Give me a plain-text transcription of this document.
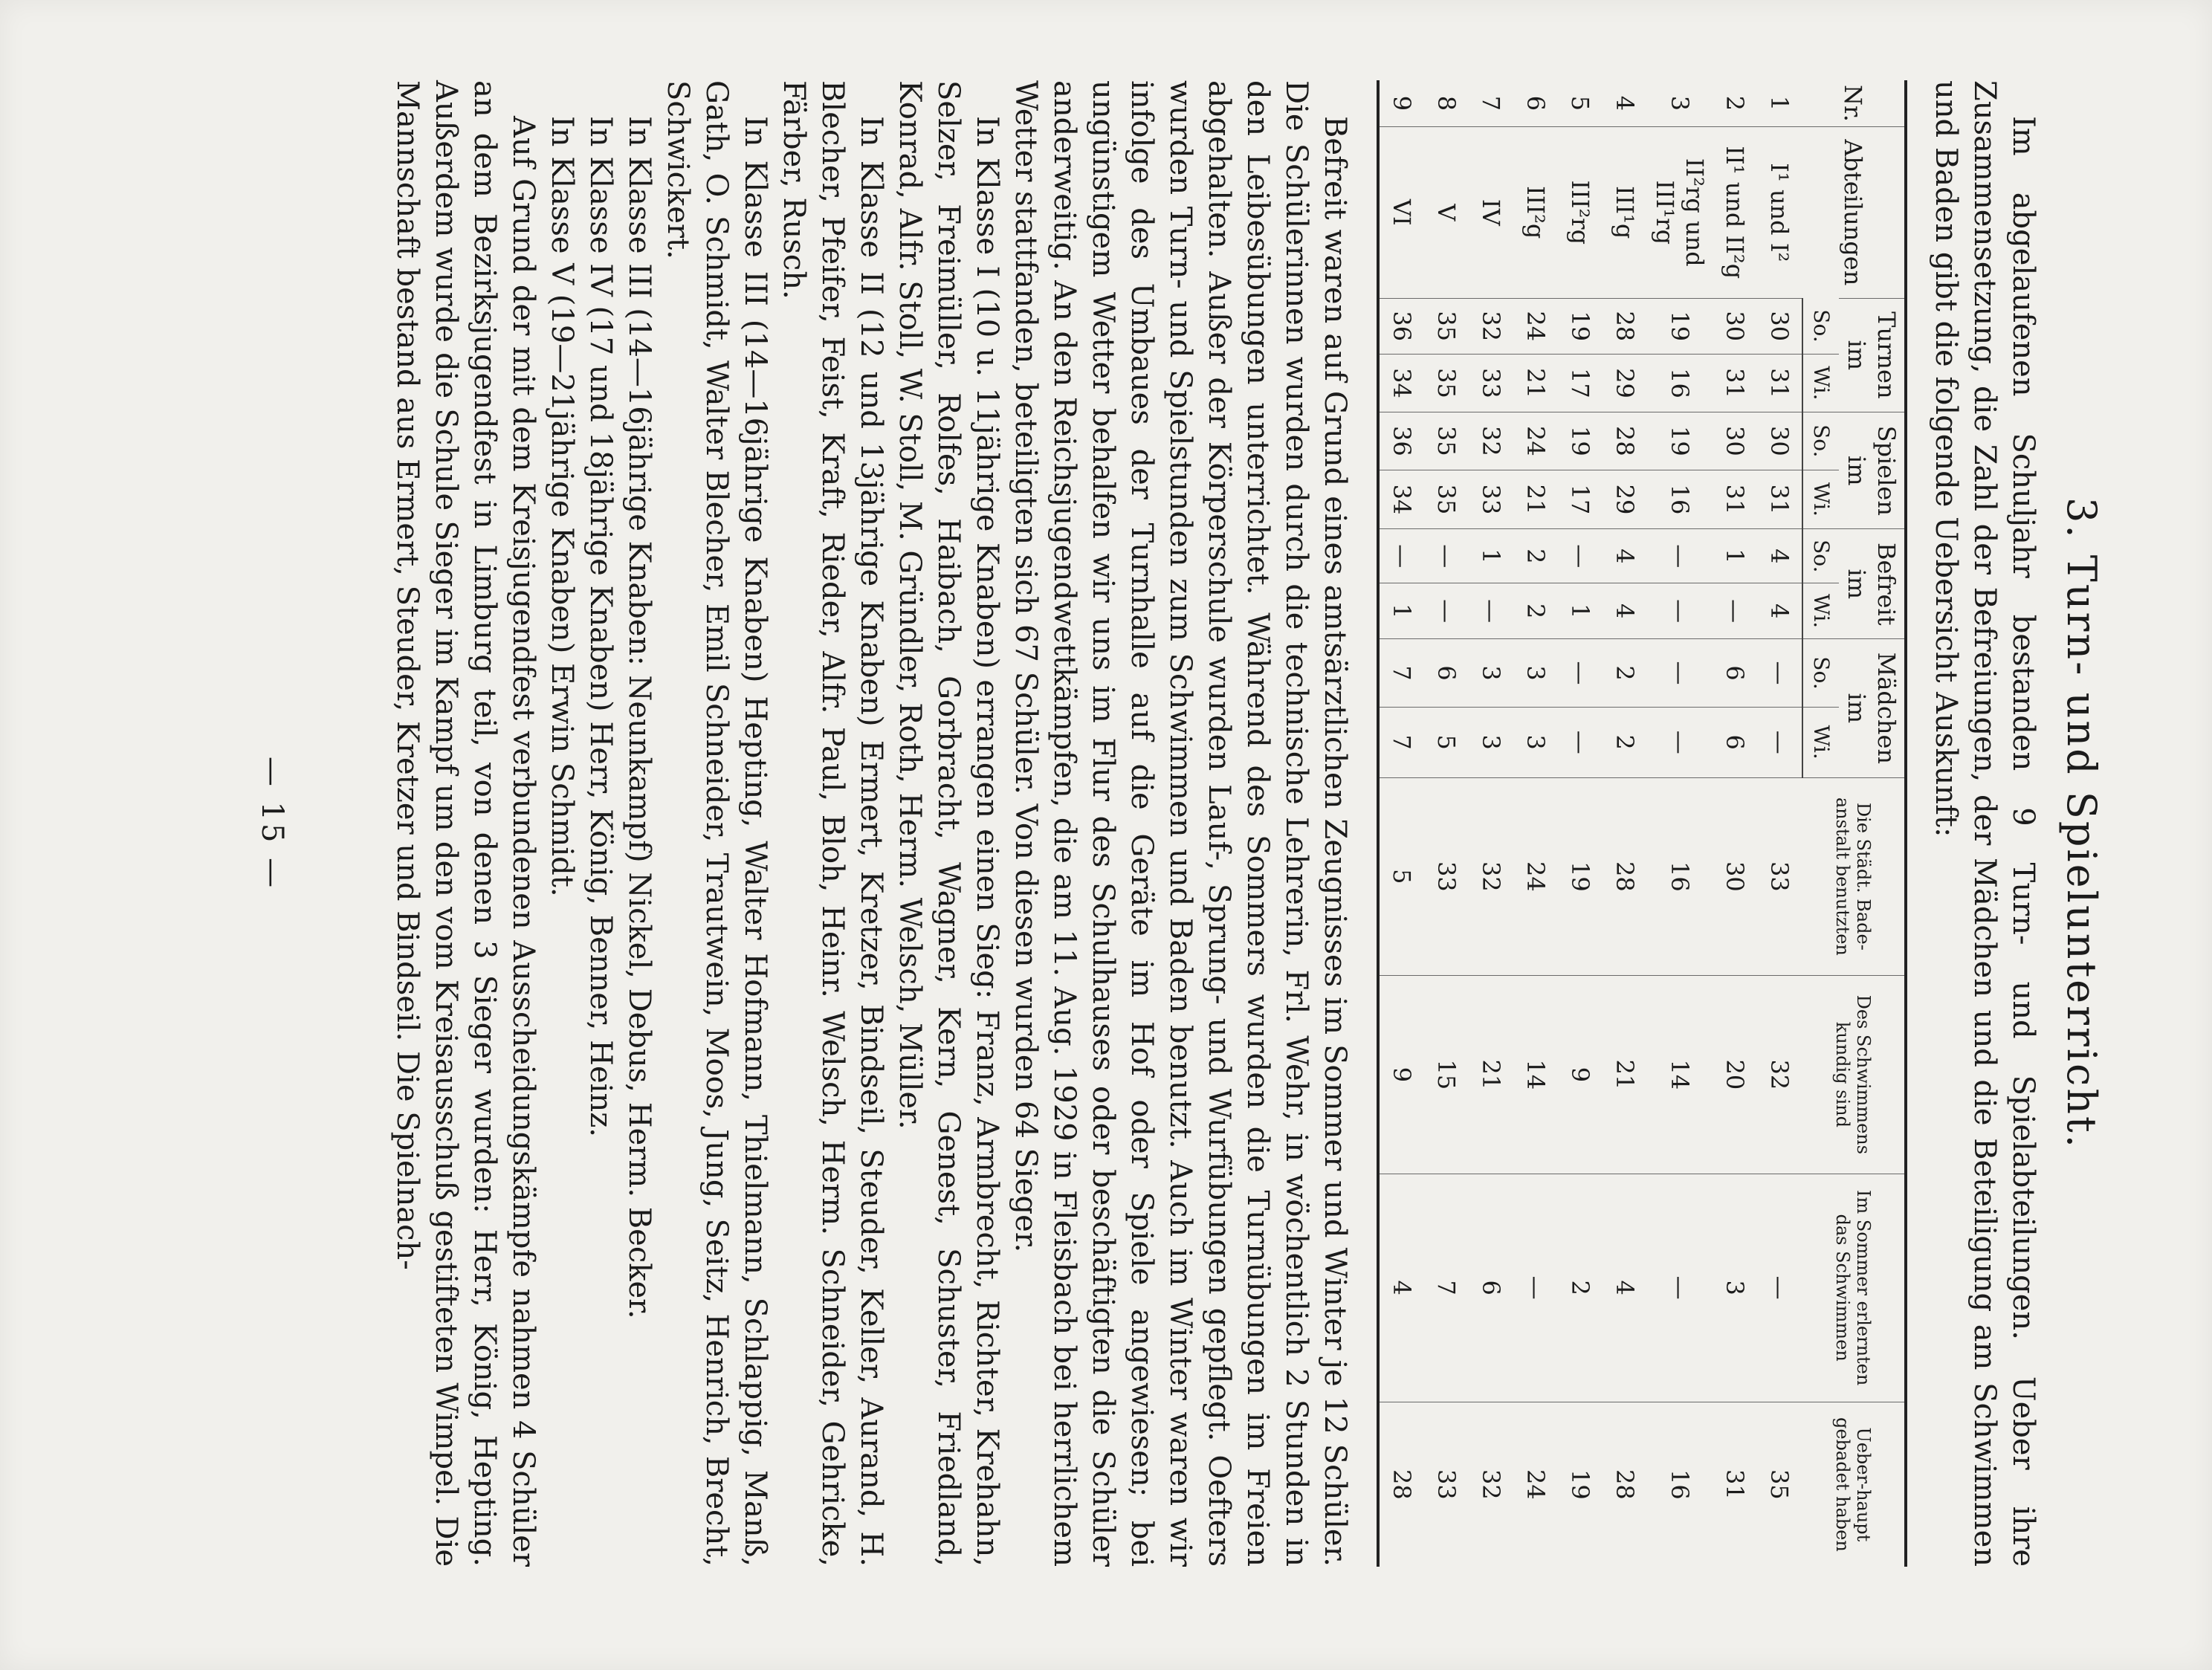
3. Turn- und Spielunterricht.

Im abgelaufenen Schuljahr bestanden 9 Turn- und Spielabteilungen. Ueber ihre Zusammensetzung, die Zahl der Befreiungen, der Mädchen und die Beteiligung am Schwimmen und Baden gibt die folgende Uebersicht Auskunft:

Nr.	Abteilungen	Turnen im		Spielen im		Befreit im		Mädchen im		Die Städt. Bade-anstalt benutzten	Des Schwimmens kundig sind	Im Sommer erlernten das Schwimmen	Ueber-haupt gebadet haben
		So.	Wi.	So.	Wi.	So.	Wi.	So.	Wi.				
1	I¹ und I²	30	31	30	31	4	4	—	—	33	32	—	35
2	II¹ und II²g	30	31	30	31	1	—	6	6	30	20	3	31
3	II²rg und III¹rg	19	16	19	16	—	—	—	—	16	14	—	16
4	III¹g	28	29	28	29	4	4	2	2	28	21	4	28
5	III²rg	19	17	19	17	—	1	—	—	19	9	2	19
6	III²g	24	21	24	21	2	2	3	3	24	14	—	24
7	IV	32	33	32	33	1	—	3	3	32	21	6	32
8	V	35	35	35	35	—	—	6	5	33	15	7	33
9	VI	36	34	36	34	—	1	7	7	5	9	4	28

Befreit waren auf Grund eines amtsärztlichen Zeugnisses im Sommer und Winter je 12 Schüler. Die Schülerinnen wurden durch die technische Lehrerin, Frl. Wehr, in wöchentlich 2 Stunden in den Leibesübungen unterrichtet. Während des Sommers wurden die Turnübungen im Freien abgehalten. Außer der Körperschule wurden Lauf-, Sprung- und Wurfübungen gepflegt. Oefters wurden Turn- und Spielstunden zum Schwimmen und Baden benutzt. Auch im Winter waren wir infolge des Umbaues der Turnhalle auf die Geräte im Hof oder Spiele angewiesen; bei ungünstigem Wetter behalfen wir uns im Flur des Schulhauses oder beschäftigten die Schüler anderweitig. An den Reichsjugendwettkämpfen, die am 11. Aug. 1929 in Fleisbach bei herrlichem Wetter stattfanden, beteiligten sich 67 Schüler. Von diesen wurden 64 Sieger.

In Klasse I (10 u. 11jährige Knaben) errangen einen Sieg: Franz, Armbrecht, Richter, Krehahn, Selzer, Freimüller, Rolfes, Haibach, Gorbracht, Wagner, Kern, Genest, Schuster, Friedland, Konrad, Alfr. Stoll, W. Stoll, M. Gründler, Roth, Herm. Welsch, Müller.

In Klasse II (12 und 13jährige Knaben) Ermert, Kretzer, Bindseil, Steuder, Keller, Aurand, H. Blecher, Pfeifer, Feist, Kraft, Rieder, Alfr. Paul, Bloh, Heinr. Welsch, Herm. Schneider, Gehricke, Färber, Rusch.

In Klasse III (14—16jährige Knaben) Hepting, Walter Hofmann, Thielmann, Schlappig, Manß, Gath, O. Schmidt, Walter Blecher, Emil Schneider, Trautwein, Moos, Jung, Seitz, Henrich, Brecht, Schwickert.

In Klasse III (14—16jährige Knaben: Neunkampf) Nickel, Debus, Herm. Becker.

In Klasse IV (17 und 18jährige Knaben) Herr, König, Benner, Heinz.

In Klasse V (19—21jährige Knaben) Erwin Schmidt.

Auf Grund der mit dem Kreisjugendfest verbundenen Ausscheidungskämpfe nahmen 4 Schüler an dem Bezirksjugendfest in Limburg teil, von denen 3 Sieger wurden: Herr, König, Hepting. Außerdem wurde die Schule Sieger im Kampf um den vom Kreisausschuß gestifteten Wimpel. Die Mannschaft bestand aus Ermert, Steuder, Kretzer und Bindseil. Die Spielnach-

— 15 —
